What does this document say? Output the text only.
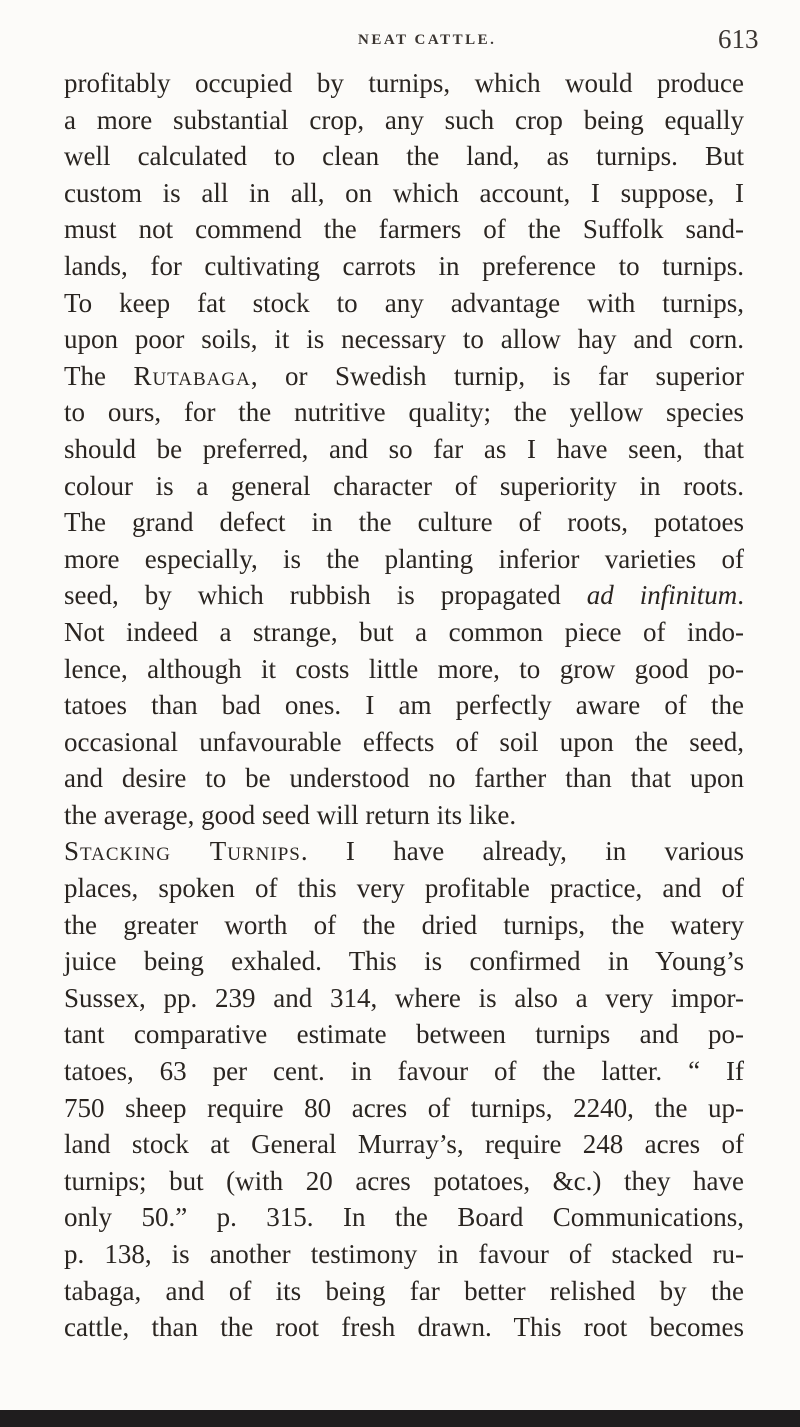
NEAT CATTLE.	613
profitably occupied by turnips, which would produce
a more substantial crop, any such crop being equally
well calculated to clean the land, as turnips. But
custom is all in all, on which account, I suppose, I
must not commend the farmers of the Suffolk sand-
lands, for cultivating carrots in preference to turnips.
To keep fat stock to any advantage with turnips,
upon poor soils, it is necessary to allow hay and corn.
The Rutabaga, or Swedish turnip, is far superior
to ours, for the nutritive quality; the yellow species
should be preferred, and so far as I have seen, that
colour is a general character of superiority in roots.
The grand defect in the culture of roots, potatoes
more especially, is the planting inferior varieties of
seed, by which rubbish is propagated ad infinitum.
Not indeed a strange, but a common piece of indo-
lence, although it costs little more, to grow good po-
tatoes than bad ones. I am perfectly aware of the
occasional unfavourable effects of soil upon the seed,
and desire to be understood no farther than that upon
the average, good seed will return its like.
Stacking Turnips. I have already, in various
places, spoken of this very profitable practice, and of
the greater worth of the dried turnips, the watery
juice being exhaled. This is confirmed in Young’s
Sussex, pp. 239 and 314, where is also a very impor-
tant comparative estimate between turnips and po-
tatoes, 63 per cent. in favour of the latter. “ If
750 sheep require 80 acres of turnips, 2240, the up-
land stock at General Murray’s, require 248 acres of
turnips; but (with 20 acres potatoes, &c.) they have
only 50.” p. 315. In the Board Communications,
p. 138, is another testimony in favour of stacked ru-
tabaga, and of its being far better relished by the
cattle, than the root fresh drawn. This root becomes
